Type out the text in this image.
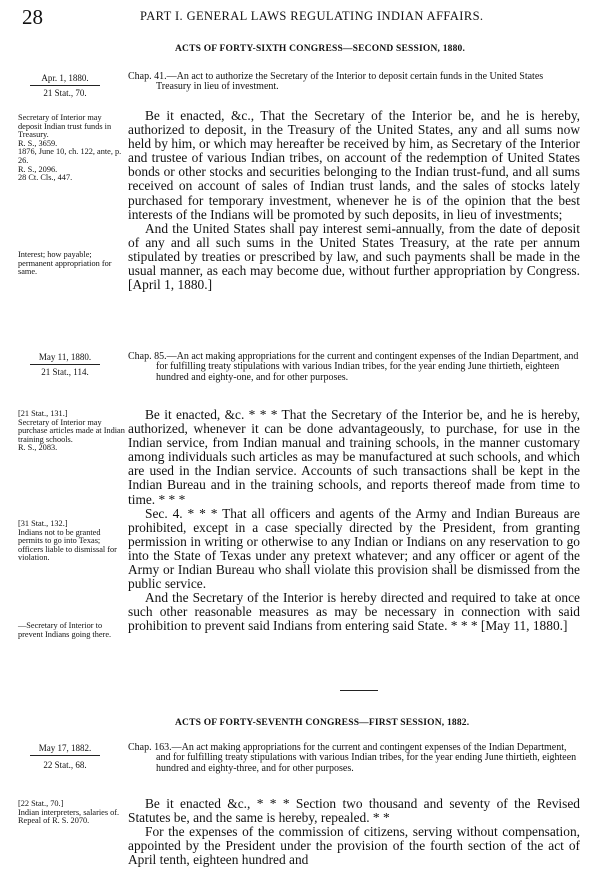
28	PART I. GENERAL LAWS REGULATING INDIAN AFFAIRS.
ACTS OF FORTY-SIXTH CONGRESS—SECOND SESSION, 1880.
Apr. 1, 1880.
21 Stat., 70.
Chap. 41.—An act to authorize the Secretary of the Interior to deposit certain funds in the United States Treasury in lieu of investment.
Secretary of Interior may deposit Indian trust funds in Treasury.
R. S., 3659.
1876, June 10, ch. 122, ante, p. 26.
R. S., 2096.
28 Ct. Cls., 447.
Interest; how payable; permanent appropriation for same.

Be it enacted, &c., That the Secretary of the Interior be, and he is hereby, authorized to deposit, in the Treasury of the United States, any and all sums now held by him, or which may hereafter be received by him, as Secretary of the Interior and trustee of various Indian tribes, on account of the redemption of United States bonds or other stocks and securities belonging to the Indian trust-fund, and all sums received on account of sales of Indian trust lands, and the sales of stocks lately purchased for temporary investment, whenever he is of the opinion that the best interests of the Indians will be promoted by such deposits, in lieu of investments;

And the United States shall pay interest semi-annually, from the date of deposit of any and all such sums in the United States Treasury, at the rate per annum stipulated by treaties or prescribed by law, and such payments shall be made in the usual manner, as each may become due, without further appropriation by Congress. [April 1, 1880.]

May 11, 1880.
21 Stat., 114.
Chap. 85.—An act making appropriations for the current and contingent expenses of the Indian Department, and for fulfilling treaty stipulations with various Indian tribes, for the year ending June thirtieth, eighteen hundred and eighty-one, and for other purposes.
[21 Stat., 131.]
Secretary of Interior may purchase articles made at Indian training schools.
R. S., 2083.
[31 Stat., 132.]
Indians not to be granted permits to go into Texas; officers liable to dismissal for violation.
—Secretary of Interior to prevent Indians going there.

Be it enacted, &c. * * * That the Secretary of the Interior be, and he is hereby, authorized, whenever it can be done advantageously, to purchase, for use in the Indian service, from Indian manual and training schools, in the manner customary among individuals such articles as may be manufactured at such schools, and which are used in the Indian service. Accounts of such transactions shall be kept in the Indian Bureau and in the training schools, and reports thereof made from time to time. * * *

Sec. 4. * * * That all officers and agents of the Army and Indian Bureaus are prohibited, except in a case specially directed by the President, from granting permission in writing or otherwise to any Indian or Indians on any reservation to go into the State of Texas under any pretext whatever; and any officer or agent of the Army or Indian Bureau who shall violate this provision shall be dismissed from the public service.

And the Secretary of the Interior is hereby directed and required to take at once such other reasonable measures as may be necessary in connection with said prohibition to prevent said Indians from entering said State. * * * [May 11, 1880.]

ACTS OF FORTY-SEVENTH CONGRESS—FIRST SESSION, 1882.
May 17, 1882.
22 Stat., 68.
Chap. 163.—An act making appropriations for the current and contingent expenses of the Indian Department, and for fulfilling treaty stipulations with various Indian tribes, for the year ending June thirtieth, eighteen hundred and eighty-three, and for other purposes.
[22 Stat., 70.]
Indian interpreters, salaries of.
Repeal of R. S. 2070.

Be it enacted &c., * * * Section two thousand and seventy of the Revised Statutes be, and the same is hereby, repealed. * *

For the expenses of the commission of citizens, serving without compensation, appointed by the President under the provision of the fourth section of the act of April tenth, eighteen hundred and
